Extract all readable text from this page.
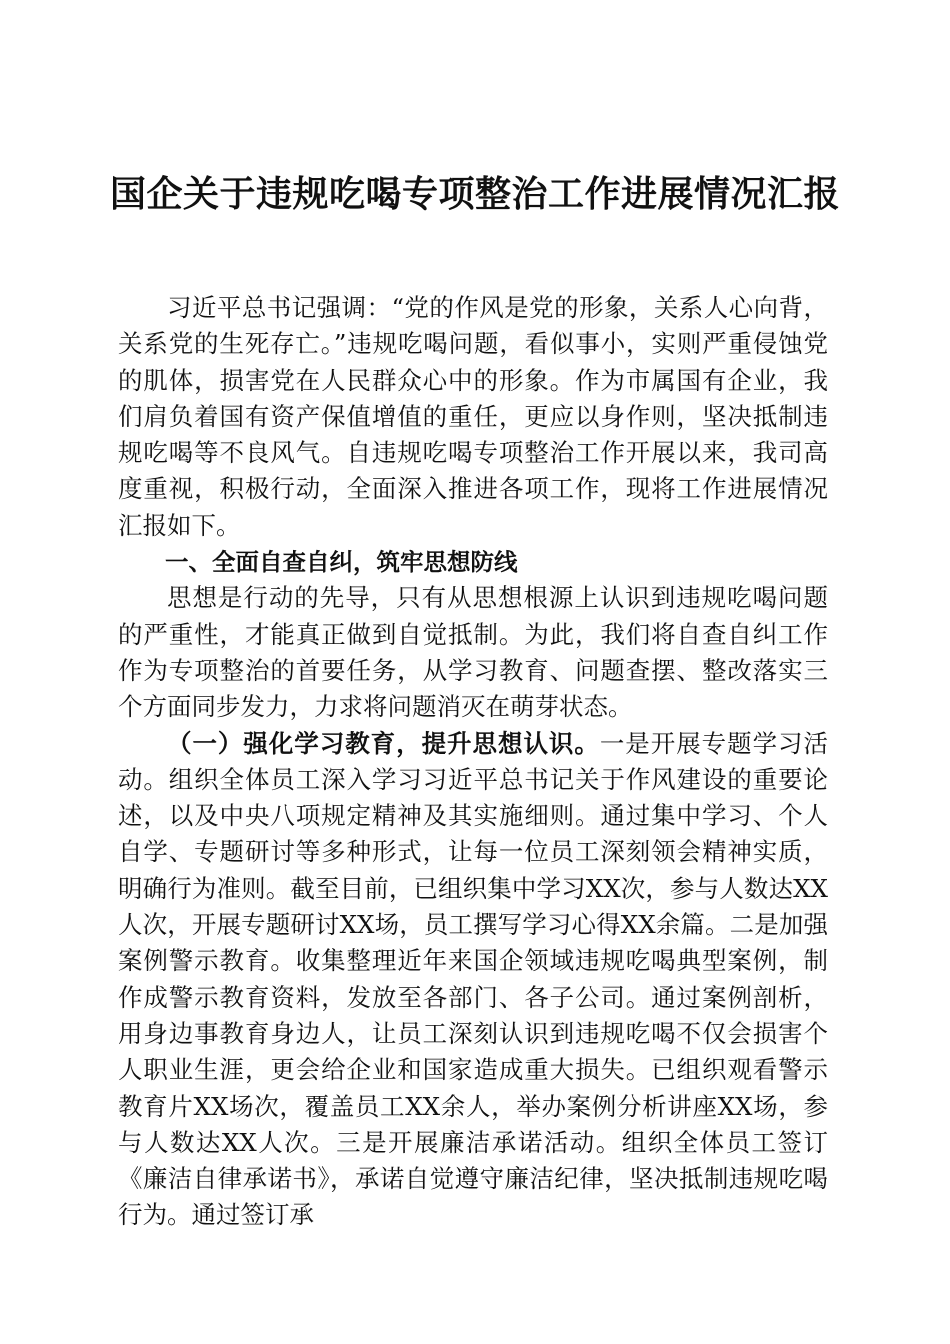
国企关于违规吃喝专项整治工作进展情况汇报

习近平总书记强调：“党的作风是党的形象，关系人心向背，关系党的生死存亡。”违规吃喝问题，看似事小，实则严重侵蚀党的肌体，损害党在人民群众心中的形象。作为市属国有企业，我们肩负着国有资产保值增值的重任，更应以身作则，坚决抵制违规吃喝等不良风气。自违规吃喝专项整治工作开展以来，我司高度重视，积极行动，全面深入推进各项工作，现将工作进展情况汇报如下。

一、全面自查自纠，筑牢思想防线

思想是行动的先导，只有从思想根源上认识到违规吃喝问题的严重性，才能真正做到自觉抵制。为此，我们将自查自纠工作作为专项整治的首要任务，从学习教育、问题查摆、整改落实三个方面同步发力，力求将问题消灭在萌芽状态。

（一）强化学习教育，提升思想认识。一是开展专题学习活动。组织全体员工深入学习习近平总书记关于作风建设的重要论述，以及中央八项规定精神及其实施细则。通过集中学习、个人自学、专题研讨等多种形式，让每一位员工深刻领会精神实质，明确行为准则。截至目前，已组织集中学习XX次，参与人数达XX人次，开展专题研讨XX场，员工撰写学习心得XX余篇。二是加强案例警示教育。收集整理近年来国企领域违规吃喝典型案例，制作成警示教育资料，发放至各部门、各子公司。通过案例剖析，用身边事教育身边人，让员工深刻认识到违规吃喝不仅会损害个人职业生涯，更会给企业和国家造成重大损失。已组织观看警示教育片XX场次，覆盖员工XX余人，举办案例分析讲座XX场，参与人数达XX人次。三是开展廉洁承诺活动。组织全体员工签订《廉洁自律承诺书》，承诺自觉遵守廉洁纪律，坚决抵制违规吃喝行为。通过签订承
